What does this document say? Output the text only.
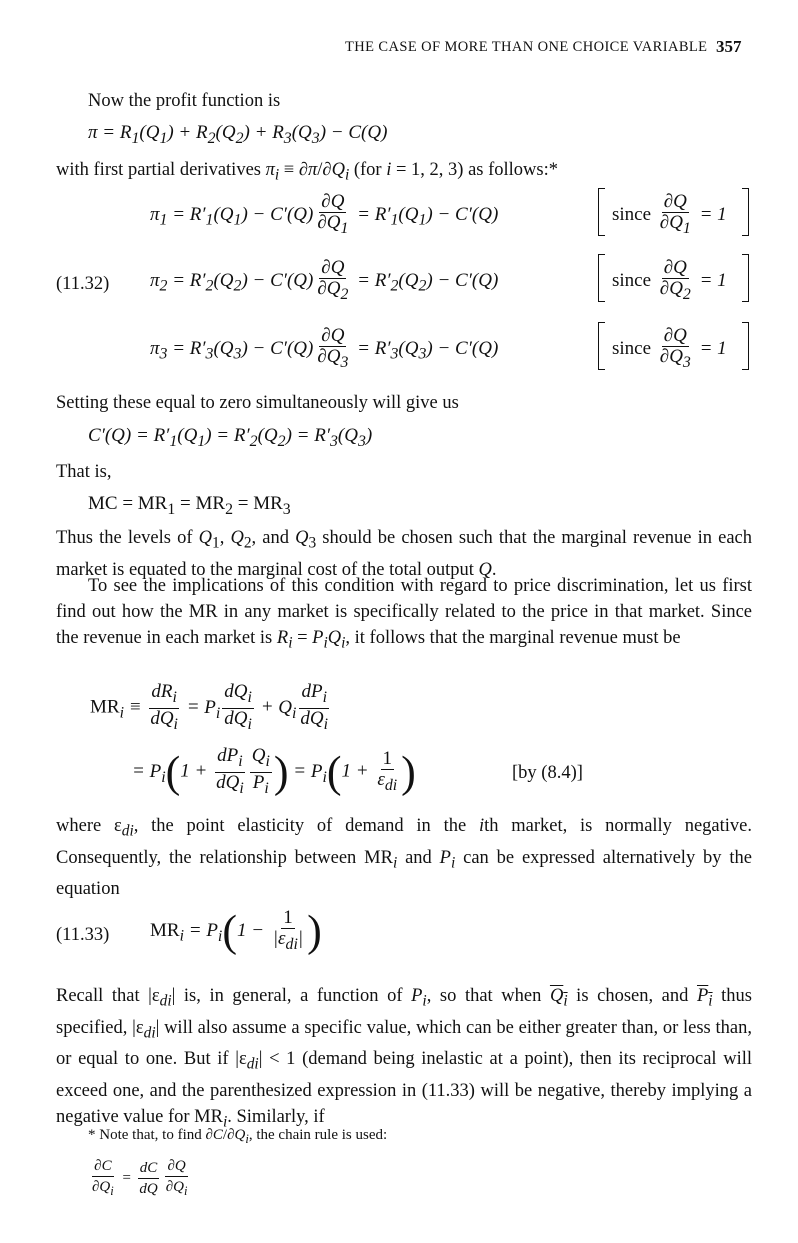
THE CASE OF MORE THAN ONE CHOICE VARIABLE 357
Now the profit function is
$\pi = R_1(Q_1) + R_2(Q_2) + R_3(Q_3) - C(Q)$
with first partial derivatives $\pi_i \equiv \partial\pi/\partial Q_i$ (for i = 1, 2, 3) as follows:*
(11.32)
$\pi_1 = R'_1(Q_1) - C'(Q) \frac{\partial Q}{\partial Q_1} = R'_1(Q_1) - C'(Q)$	since $\frac{\partial Q}{\partial Q_1} = 1$
$\pi_2 = R'_2(Q_2) - C'(Q) \frac{\partial Q}{\partial Q_2} = R'_2(Q_2) - C'(Q)$	since $\frac{\partial Q}{\partial Q_2} = 1$
$\pi_3 = R'_3(Q_3) - C'(Q) \frac{\partial Q}{\partial Q_3} = R'_3(Q_3) - C'(Q)$	since $\frac{\partial Q}{\partial Q_3} = 1$
Setting these equal to zero simultaneously will give us
$C'(Q) = R'_1(Q_1) = R'_2(Q_2) = R'_3(Q_3)$
That is,
MC = $MR_1 = MR_2 = MR_3$
Thus the levels of $Q_1$, $Q_2$, and $Q_3$ should be chosen such that the marginal revenue in each market is equated to the marginal cost of the total output Q.
To see the implications of this condition with regard to price discrimination, let us first find out how the MR in any market is specifically related to the price in that market. Since the revenue in each market is $R_i = P_iQ_i$, it follows that the marginal revenue must be
$MR_i \equiv \frac{dR_i}{dQ_i} = P_i \frac{dQ_i}{dQ_i} + Q_i \frac{dP_i}{dQ_i}$
= $P_i(1 + \frac{dP_i}{dQ_i} \frac{Q_i}{P_i}$ ) = $P_i(1 + \frac{1}{\varepsilon_{di}}$ )	[by (8.4)]
where $\varepsilon_{di}$, the point elasticity of demand in the ith market, is normally negative. Consequently, the relationship between $MR_i$ and $P_i$ can be expressed alternatively by the equation
(11.33) $MR_i = P_i(1 - \frac{1}{|\varepsilon_{di}|}$ )
Recall that $|\varepsilon_{di}|$ is, in general, a function of $P_i$, so that when $Q_i$ is chosen, and $P_i$ thus specified, $|\varepsilon_{di}|$ will also assume a specific value, which can be either greater than, or less than, or equal to one. But if $|\varepsilon_{di}| < 1$ (demand being inelastic at a point), then its reciprocal will exceed one, and the parenthesized expression in (11.33) will be negative, thereby implying a negative value for $MR_i$. Similarly, if
* Note that, to find $\partial C/\partial Q_i$, the chain rule is used:
$\frac{\partial C}{\partial Q_i} = \frac{dC}{dQ} \frac{\partial Q}{\partial Q_i}$
